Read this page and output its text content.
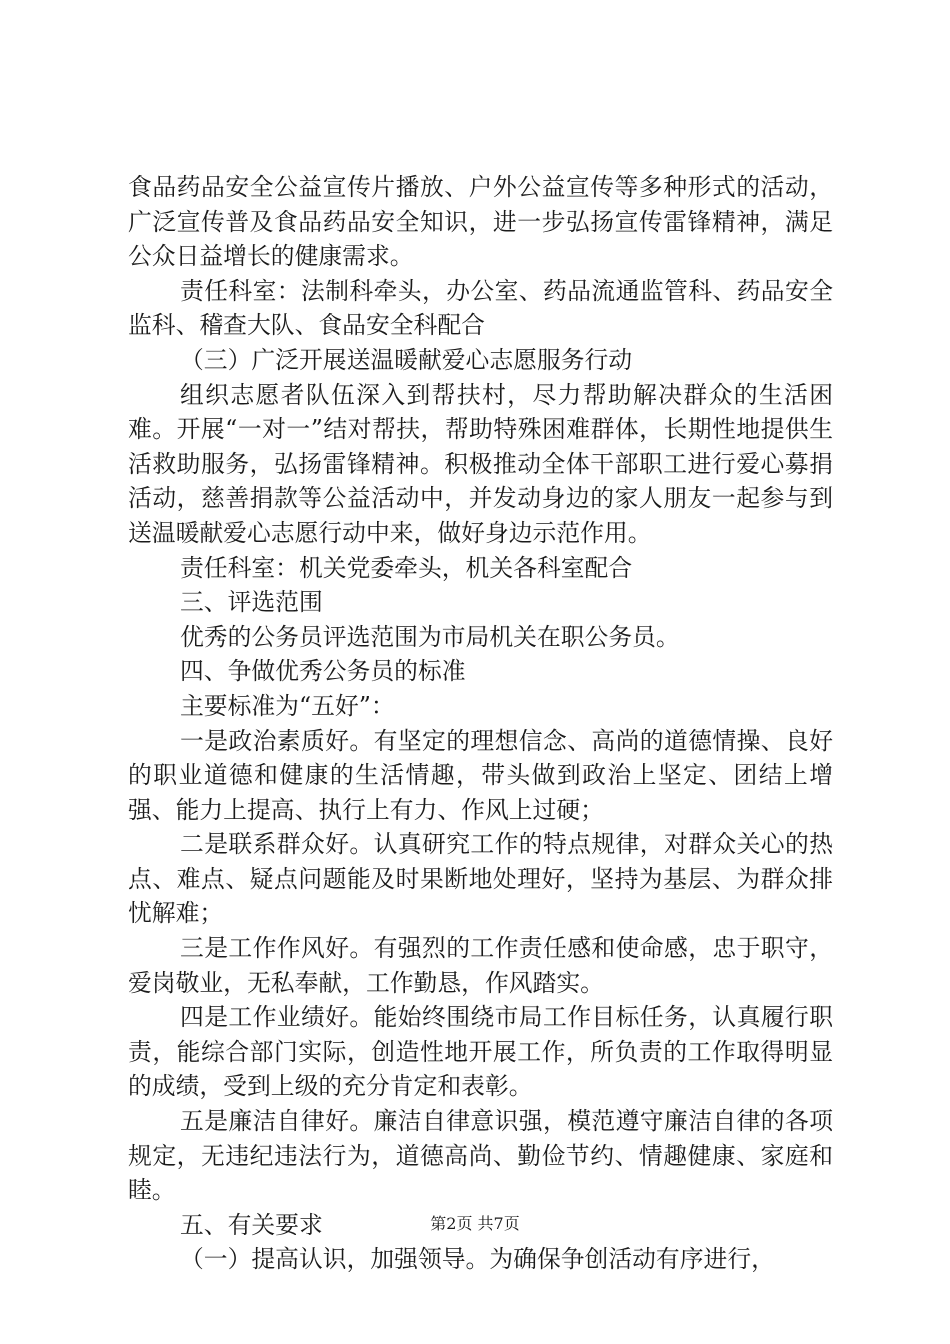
食品药品安全公益宣传片播放、户外公益宣传等多种形式的活动，广泛宣传普及食品药品安全知识，进一步弘扬宣传雷锋精神，满足公众日益增长的健康需求。

责任科室：法制科牵头，办公室、药品流通监管科、药品安全监科、稽查大队、食品安全科配合

（三）广泛开展送温暖献爱心志愿服务行动

组织志愿者队伍深入到帮扶村，尽力帮助解决群众的生活困难。开展“一对一”结对帮扶，帮助特殊困难群体，长期性地提供生活救助服务，弘扬雷锋精神。积极推动全体干部职工进行爱心募捐活动，慈善捐款等公益活动中，并发动身边的家人朋友一起参与到送温暖献爱心志愿行动中来，做好身边示范作用。

责任科室：机关党委牵头，机关各科室配合

三、评选范围

优秀的公务员评选范围为市局机关在职公务员。

四、争做优秀公务员的标准

主要标准为“五好”：

一是政治素质好。有坚定的理想信念、高尚的道德情操、良好的职业道德和健康的生活情趣，带头做到政治上坚定、团结上增强、能力上提高、执行上有力、作风上过硬；

二是联系群众好。认真研究工作的特点规律，对群众关心的热点、难点、疑点问题能及时果断地处理好，坚持为基层、为群众排忧解难；

三是工作作风好。有强烈的工作责任感和使命感，忠于职守，爱岗敬业，无私奉献，工作勤恳，作风踏实。

四是工作业绩好。能始终围绕市局工作目标任务，认真履行职责，能综合部门实际，创造性地开展工作，所负责的工作取得明显的成绩，受到上级的充分肯定和表彰。

五是廉洁自律好。廉洁自律意识强，模范遵守廉洁自律的各项规定，无违纪违法行为，道德高尚、勤俭节约、情趣健康、家庭和睦。

五、有关要求

（一）提高认识，加强领导。为确保争创活动有序进行，

第2页 共7页
